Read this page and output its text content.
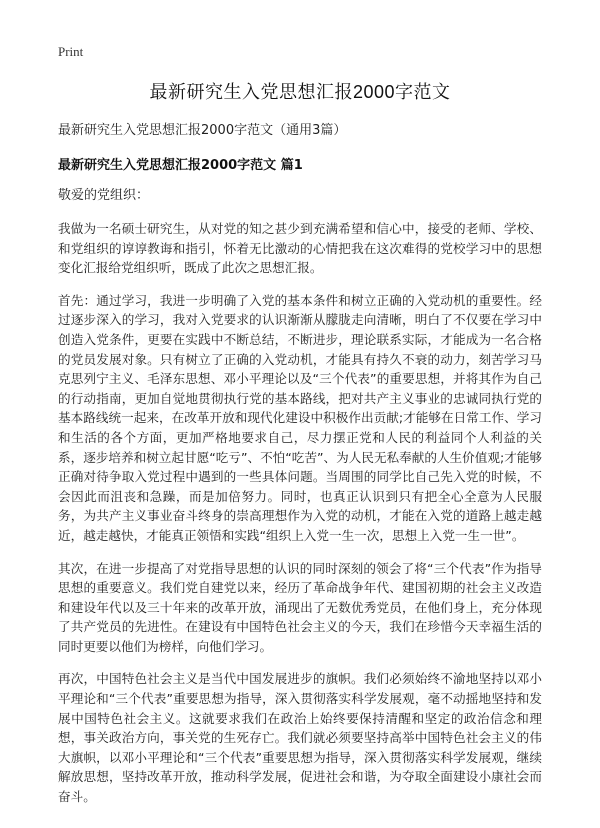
Print
最新研究生入党思想汇报2000字范文
最新研究生入党思想汇报2000字范文（通用3篇）
最新研究生入党思想汇报2000字范文 篇1
敬爱的党组织：

我做为一名硕士研究生，从对党的知之甚少到充满希望和信心中，接受的老师、学校、和党组织的谆谆教诲和指引，怀着无比激动的心情把我在这次难得的党校学习中的思想变化汇报给党组织听，既成了此次之思想汇报。

首先：通过学习，我进一步明确了入党的基本条件和树立正确的入党动机的重要性。经过逐步深入的学习，我对入党要求的认识渐渐从朦胧走向清晰，明白了不仅要在学习中创造入党条件，更要在实践中不断总结，不断进步，理论联系实际，才能成为一名合格的党员发展对象。只有树立了正确的入党动机，才能具有持久不衰的动力，刻苦学习马克思列宁主义、毛泽东思想、邓小平理论以及“三个代表”的重要思想，并将其作为自己的行动指南，更加自觉地贯彻执行党的基本路线，把对共产主义事业的忠诚同执行党的基本路线统一起来，在改革开放和现代化建设中积极作出贡献;才能够在日常工作、学习和生活的各个方面，更加严格地要求自己，尽力摆正党和人民的利益同个人利益的关系，逐步培养和树立起甘愿“吃亏”、不怕“吃苦”、为人民无私奉献的人生价值观;才能够正确对待争取入党过程中遇到的一些具体问题。当周围的同学比自己先入党的时候，不会因此而沮丧和急躁，而是加倍努力。同时，也真正认识到只有把全心全意为人民服务，为共产主义事业奋斗终身的崇高理想作为入党的动机，才能在入党的道路上越走越近，越走越快，才能真正领悟和实践“组织上入党一生一次，思想上入党一生一世”。

其次，在进一步提高了对党指导思想的认识的同时深刻的领会了将“三个代表”作为指导思想的重要意义。我们党自建党以来，经历了革命战争年代、建国初期的社会主义改造和建设年代以及三十年来的改革开放，涌现出了无数优秀党员，在他们身上，充分体现了共产党员的先进性。在建设有中国特色社会主义的今天，我们在珍惜今天幸福生活的同时更要以他们为榜样，向他们学习。

再次，中国特色社会主义是当代中国发展进步的旗帜。我们必须始终不渝地坚持以邓小平理论和“三个代表”重要思想为指导，深入贯彻落实科学发展观，毫不动摇地坚持和发展中国特色社会主义。这就要求我们在政治上始终要保持清醒和坚定的政治信念和理想，事关政治方向，事关党的生死存亡。我们就必须要坚持高举中国特色社会主义的伟大旗帜，以邓小平理论和“三个代表”重要思想为指导，深入贯彻落实科学发展观，继续解放思想，坚持改革开放，推动科学发展，促进社会和谐，为夺取全面建设小康社会而奋斗。
